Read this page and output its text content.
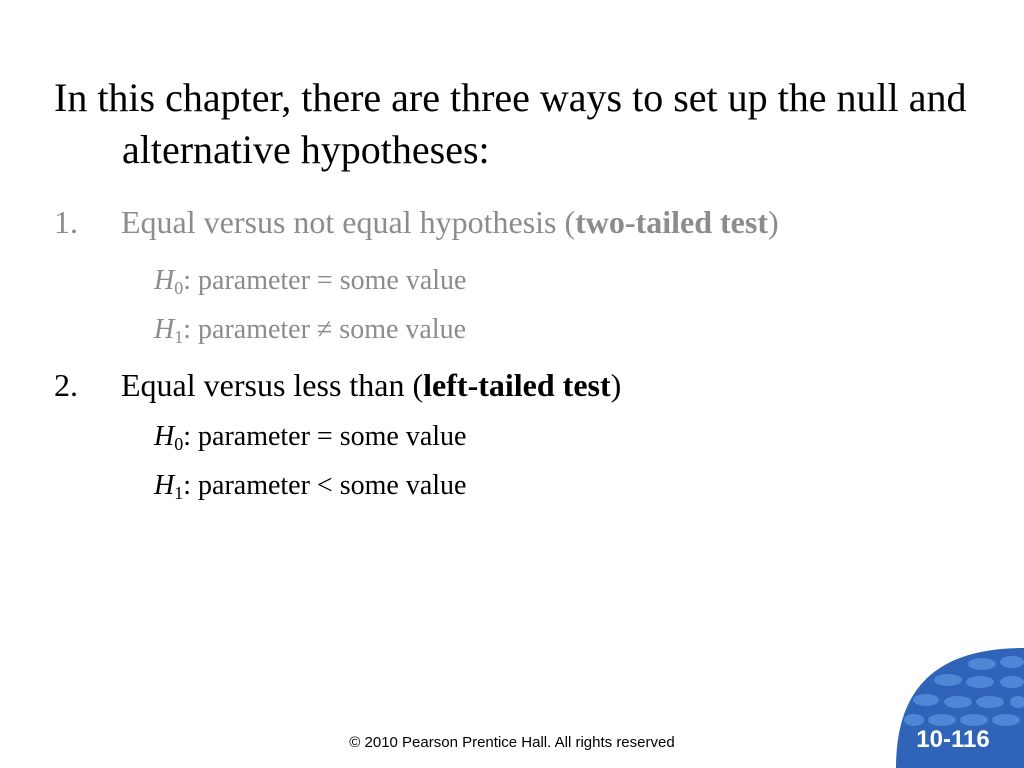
In this chapter, there are three ways to set up the null and alternative hypotheses:
1. Equal versus not equal hypothesis (two-tailed test)
$H_0$: parameter = some value
$H_1$: parameter ≠ some value
2. Equal versus less than (left-tailed test)
$H_0$: parameter = some value
$H_1$: parameter < some value
© 2010 Pearson Prentice Hall. All rights reserved	10-116
